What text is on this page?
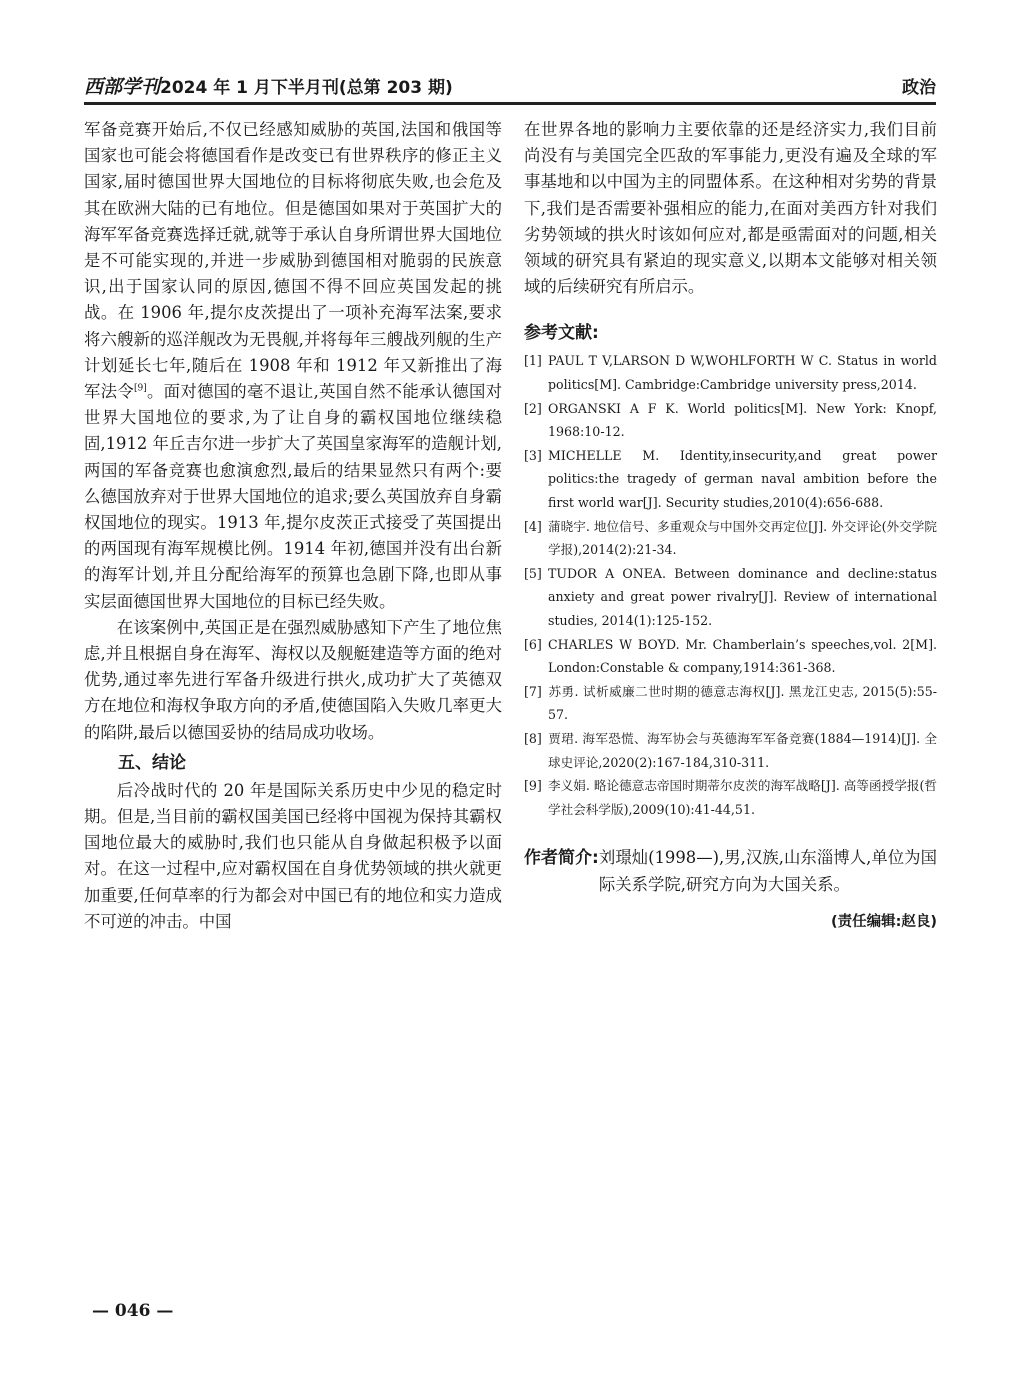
西部学刊 2024 年 1 月下半月刊(总第 203 期)	政治

军备竞赛开始后,不仅已经感知威胁的英国,法国和俄国等国家也可能会将德国看作是改变已有世界秩序的修正主义国家,届时德国世界大国地位的目标将彻底失败,也会危及其在欧洲大陆的已有地位。但是德国如果对于英国扩大的海军军备竞赛选择迁就,就等于承认自身所谓世界大国地位是不可能实现的,并进一步威胁到德国相对脆弱的民族意识,出于国家认同的原因,德国不得不回应英国发起的挑战。在 1906 年,提尔皮茨提出了一项补充海军法案,要求将六艘新的巡洋舰改为无畏舰,并将每年三艘战列舰的生产计划延长七年,随后在 1908 年和 1912 年又新推出了海军法令[9]。面对德国的毫不退让,英国自然不能承认德国对世界大国地位的要求,为了让自身的霸权国地位继续稳固,1912 年丘吉尔进一步扩大了英国皇家海军的造舰计划,两国的军备竞赛也愈演愈烈,最后的结果显然只有两个:要么德国放弃对于世界大国地位的追求;要么英国放弃自身霸权国地位的现实。1913 年,提尔皮茨正式接受了英国提出的两国现有海军规模比例。1914 年初,德国并没有出台新的海军计划,并且分配给海军的预算也急剧下降,也即从事实层面德国世界大国地位的目标已经失败。

在该案例中,英国正是在强烈威胁感知下产生了地位焦虑,并且根据自身在海军、海权以及舰艇建造等方面的绝对优势,通过率先进行军备升级进行拱火,成功扩大了英德双方在地位和海权争取方向的矛盾,使德国陷入失败几率更大的陷阱,最后以德国妥协的结局成功收场。

五、结论

后冷战时代的 20 年是国际关系历史中少见的稳定时期。但是,当目前的霸权国美国已经将中国视为保持其霸权国地位最大的威胁时,我们也只能从自身做起积极予以面对。在这一过程中,应对霸权国在自身优势领域的拱火就更加重要,任何草率的行为都会对中国已有的地位和实力造成不可逆的冲击。中国

在世界各地的影响力主要依靠的还是经济实力,我们目前尚没有与美国完全匹敌的军事能力,更没有遍及全球的军事基地和以中国为主的同盟体系。在这种相对劣势的背景下,我们是否需要补强相应的能力,在面对美西方针对我们劣势领域的拱火时该如何应对,都是亟需面对的问题,相关领域的研究具有紧迫的现实意义,以期本文能够对相关领域的后续研究有所启示。

参考文献:

[1] PAUL T V,LARSON D W,WOHLFORTH W C. Status in world politics[M]. Cambridge:Cambridge university press,2014.

[2] ORGANSKI A F K. World politics[M]. New York: Knopf, 1968:10-12.

[3] MICHELLE M. Identity,insecurity,and great power politics:the tragedy of german naval ambition before the first world war[J]. Security studies,2010(4):656-688.

[4] 蒲晓宇. 地位信号、多重观众与中国外交再定位[J]. 外交评论(外交学院学报),2014(2):21-34.

[5] TUDOR A ONEA. Between dominance and decline:status anxiety and great power rivalry[J]. Review of international studies, 2014(1):125-152.

[6] CHARLES W BOYD. Mr. Chamberlain’s speeches,vol. 2[M]. London:Constable & company,1914:361-368.

[7] 苏勇. 试析威廉二世时期的德意志海权[J]. 黑龙江史志, 2015(5):55-57.

[8] 贾珺. 海军恐慌、海军协会与英德海军军备竞赛(1884—1914)[J]. 全球史评论,2020(2):167-184,310-311.

[9] 李义娟. 略论德意志帝国时期蒂尔皮茨的海军战略[J]. 高等函授学报(哲学社会科学版),2009(10):41-44,51.

作者简介: 刘璟灿(1998—),男,汉族,山东淄博人,单位为国际关系学院,研究方向为大国关系。
(责任编辑:赵良)
— 046 —
